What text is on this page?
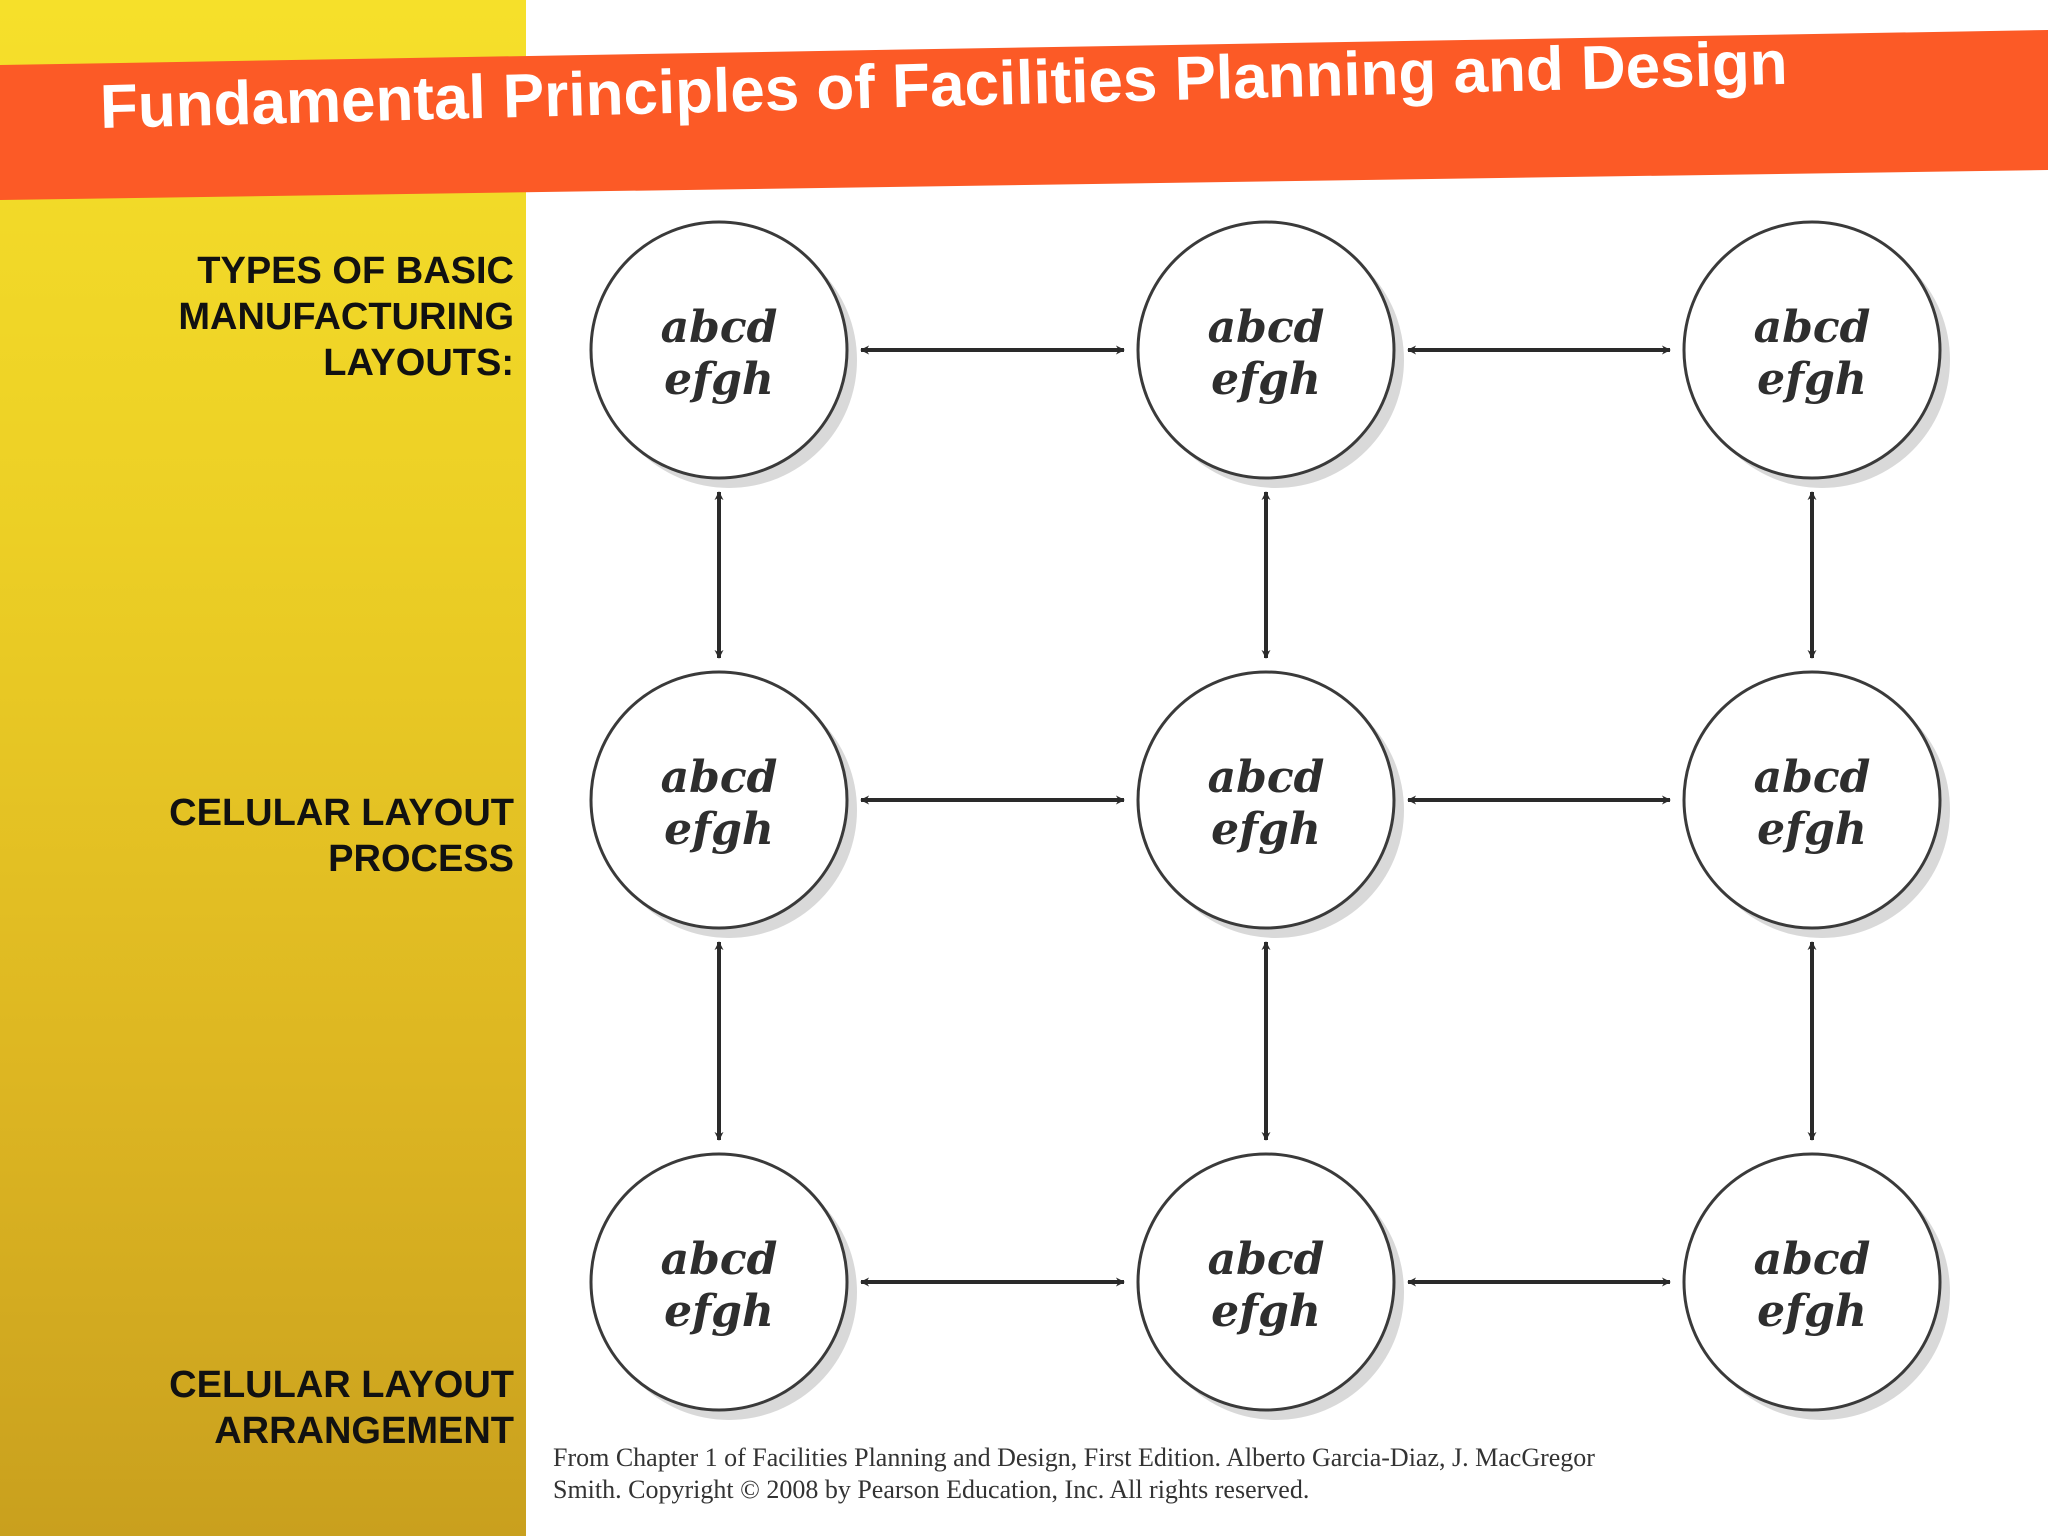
Fundamental Principles of Facilities Planning and Design
TYPES OF BASIC
MANUFACTURING
LAYOUTS:
CELULAR LAYOUT
PROCESS
CELULAR LAYOUT
ARRANGEMENT
abcd
efgh
abcd
efgh
abcd
efgh
abcd
efgh
abcd
efgh
abcd
efgh
abcd
efgh
abcd
efgh
abcd
efgh
From Chapter 1 of Facilities Planning and Design, First Edition. Alberto Garcia-Diaz, J. MacGregor
Smith. Copyright © 2008 by Pearson Education, Inc. All rights reserved.
